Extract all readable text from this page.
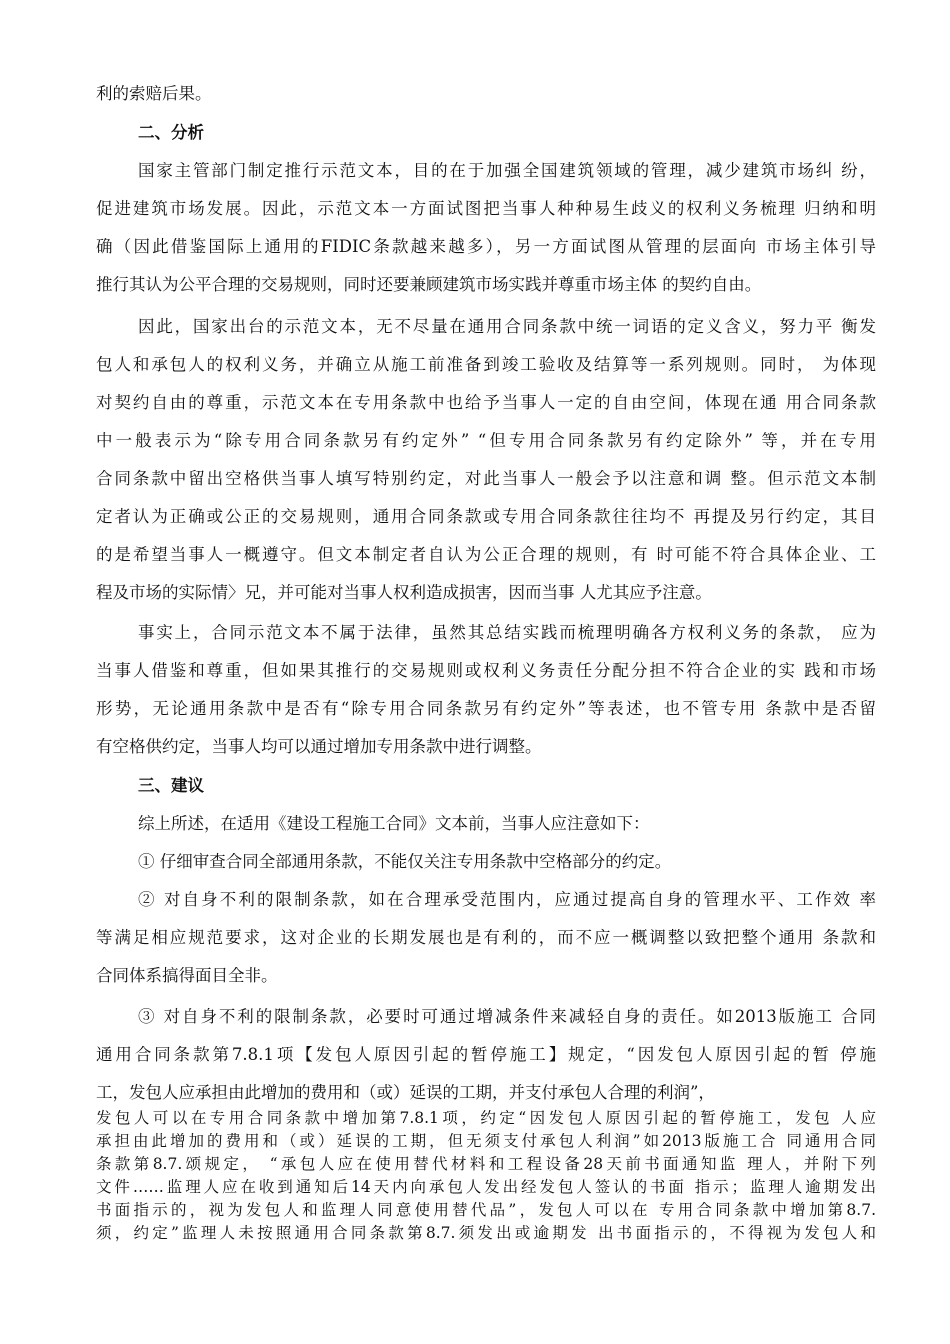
利的索赔后果。
二、分析
国家主管部门制定推行示范文本，目的在于加强全国建筑领域的管理，减少建筑市场纠 纷，
促进建筑市场发展。因此，示范文本一方面试图把当事人种种易生歧义的权利义务梳理 归纳和明
确（因此借鉴国际上通用的FIDIC条款越来越多），另一方面试图从管理的层面向 市场主体引导
推行其认为公平合理的交易规则，同时还要兼顾建筑市场实践并尊重市场主体 的契约自由。
因此，国家出台的示范文本，无不尽量在通用合同条款中统一词语的定义含义，努力平 衡发
包人和承包人的权利义务，并确立从施工前准备到竣工验收及结算等一系列规则。同时， 为体现
对契约自由的尊重，示范文本在专用条款中也给予当事人一定的自由空间，体现在通 用合同条款
中一般表示为“除专用合同条款另有约定外” “但专用合同条款另有约定除外” 等，并在专用
合同条款中留出空格供当事人填写特别约定，对此当事人一般会予以注意和调 整。但示范文本制
定者认为正确或公正的交易规则，通用合同条款或专用合同条款往往均不 再提及另行约定，其目
的是希望当事人一概遵守。但文本制定者自认为公正合理的规则，有 时可能不符合具体企业、工
程及市场的实际情〉兄，并可能对当事人权利造成损害，因而当事 人尤其应予注意。
事实上，合同示范文本不属于法律，虽然其总结实践而梳理明确各方权利义务的条款， 应为
当事人借鉴和尊重，但如果其推行的交易规则或权利义务责任分配分担不符合企业的实 践和市场
形势，无论通用条款中是否有“除专用合同条款另有约定外”等表述，也不管专用 条款中是否留
有空格供约定，当事人均可以通过增加专用条款中进行调整。
三、建议
综上所述，在适用《建设工程施工合同》文本前，当事人应注意如下：
① 仔细审查合同全部通用条款，不能仅关注专用条款中空格部分的约定。
② 对自身不利的限制条款，如在合理承受范围内，应通过提高自身的管理水平、工作效 率
等满足相应规范要求，这对企业的长期发展也是有利的，而不应一概调整以致把整个通用 条款和
合同体系搞得面目全非。
③ 对自身不利的限制条款，必要时可通过增减条件来减轻自身的责任。如2013版施工 合同
通用合同条款第7.8.1项【发包人原因引起的暂停施工】规定，“因发包人原因引起的暂 停施
工，发包人应承担由此增加的费用和（或）延误的工期，并支付承包人合理的利润”，
发包人可以在专用合同条款中增加第7.8.1项，约定“因发包人原因引起的暂停施工，发包 人应
承担由此增加的费用和（或）延误的工期，但无须支付承包人利润”如2013版施工合 同通用合同
条款第8.7.颂规定， “承包人应在使用替代材料和工程设备28天前书面通知监 理人，并附下列
文件……监理人应在收到通知后14天内向承包人发出经发包人签认的书面 指示；监理人逾期发出
书面指示的，视为发包人和监理人同意使用替代品”，发包人可以在 专用合同条款中增加第8.7.
须，约定”监理人未按照通用合同条款第8.7.须发出或逾期发 出书面指示的，不得视为发包人和
